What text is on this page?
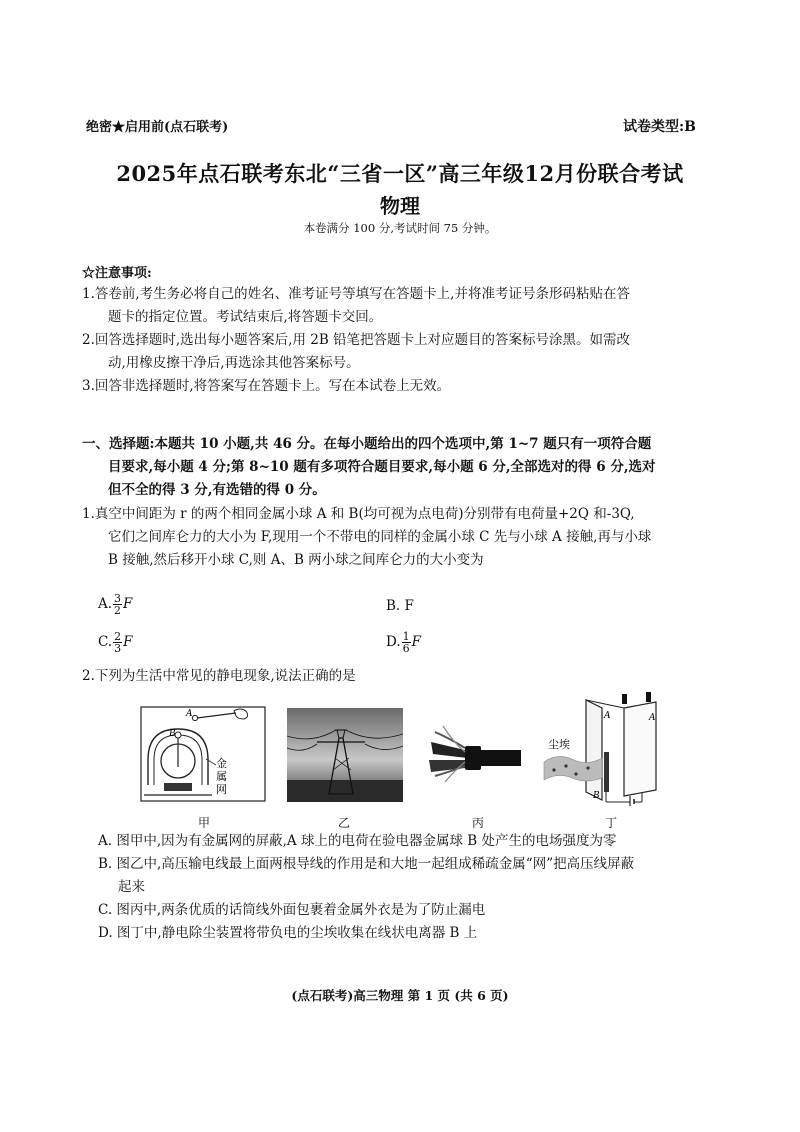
绝密★启用前(点石联考)	试卷类型:B
2025年点石联考东北“三省一区”高三年级12月份联合考试
物理
本卷满分 100 分,考试时间 75 分钟。
☆注意事项:
1.答卷前,考生务必将自己的姓名、准考证号等填写在答题卡上,并将准考证号条形码粘贴在答
题卡的指定位置。考试结束后,将答题卡交回。
2.回答选择题时,选出每小题答案后,用 2B 铅笔把答题卡上对应题目的答案标号涂黑。如需改
动,用橡皮擦干净后,再选涂其他答案标号。
3.回答非选择题时,将答案写在答题卡上。写在本试卷上无效。
一、选择题:本题共 10 小题,共 46 分。在每小题给出的四个选项中,第 1~7 题只有一项符合题
目要求,每小题 4 分;第 8~10 题有多项符合题目要求,每小题 6 分,全部选对的得 6 分,选对
但不全的得 3 分,有选错的得 0 分。
1.真空中间距为 r 的两个相同金属小球 A 和 B(均可视为点电荷)分别带有电荷量+2Q 和-3Q,
它们之间库仑力的大小为 F,现用一个不带电的同样的金属小球 C 先与小球 A 接触,再与小球
B 接触,然后移开小球 C,则 A、B 两小球之间库仑力的大小变为
A. $\frac{3}{2}$ F	B. F
C. $\frac{2}{3}$ F	D. $\frac{1}{6}$ F
2.下列为生活中常见的静电现象,说法正确的是
A
B
金
属
网
尘埃
A	A
B
甲	乙	丙	丁
A. 图甲中,因为有金属网的屏蔽,A 球上的电荷在验电器金属球 B 处产生的电场强度为零
B. 图乙中,高压输电线最上面两根导线的作用是和大地一起组成稀疏金属“网”把高压线屏蔽
起来
C. 图丙中,两条优质的话筒线外面包裹着金属外衣是为了防止漏电
D. 图丁中,静电除尘装置将带负电的尘埃收集在线状电离器 B 上
(点石联考)高三物理 第 1 页 (共 6 页)
